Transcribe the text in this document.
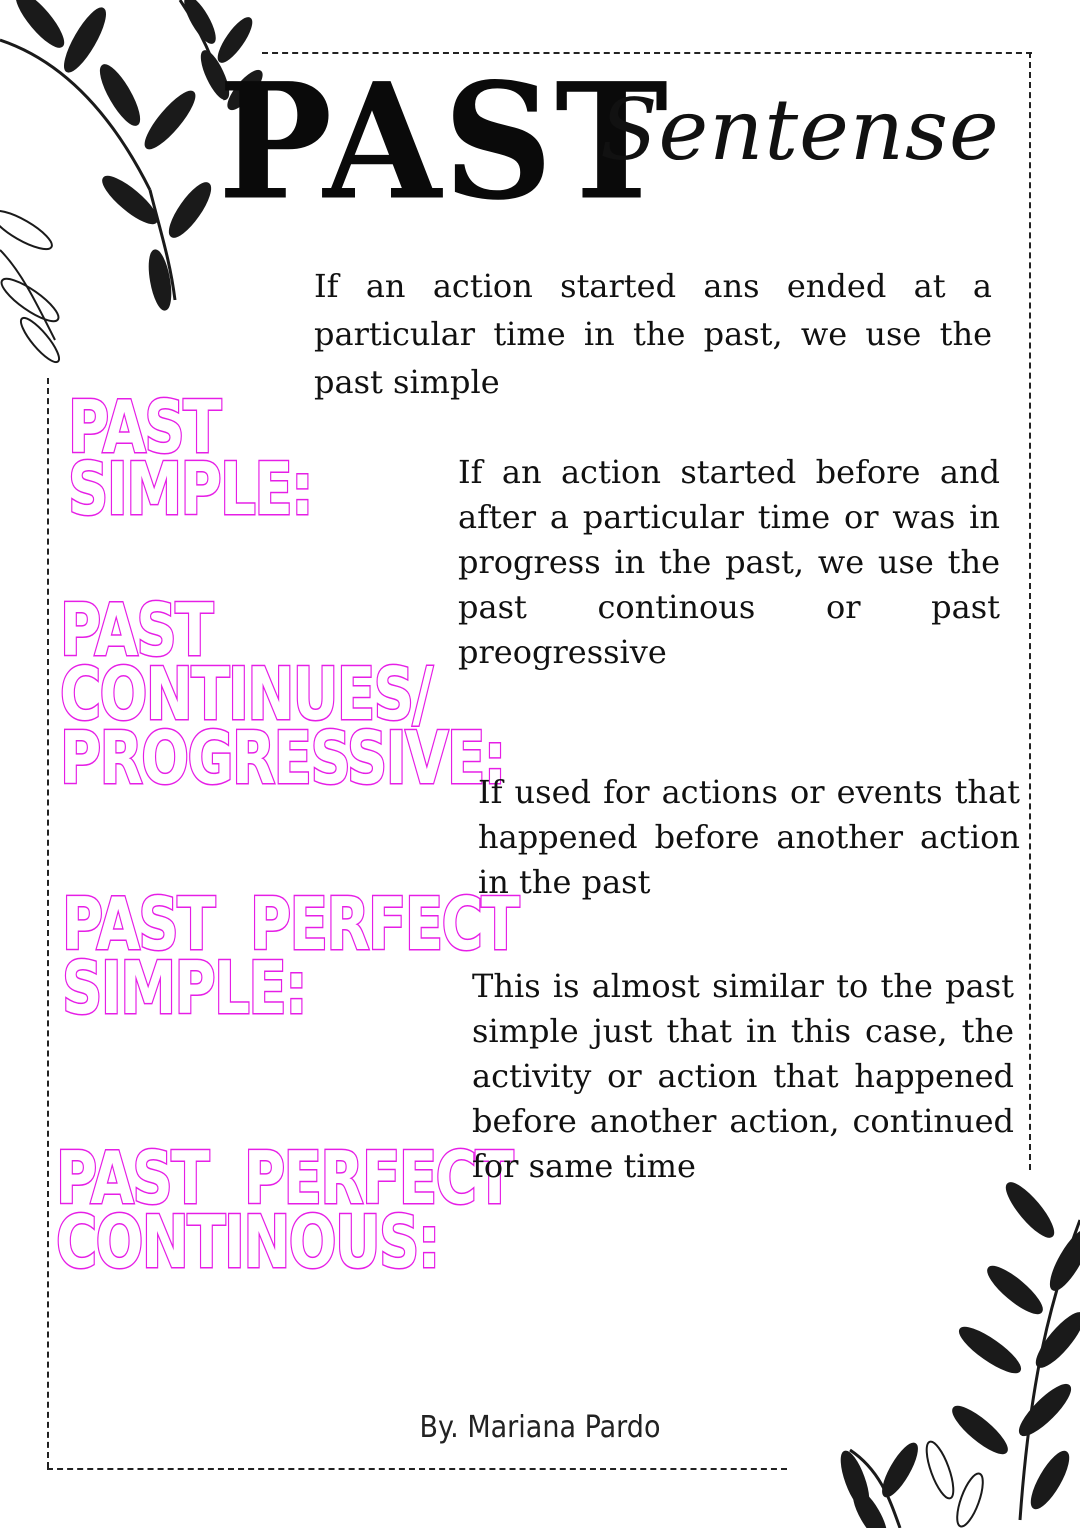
PAST
Sentense

PAST
SIMPLE:

If an action started ans ended at a particular time in the past, we use the past simple

PAST
CONTINUES/
PROGRESSIVE:

If an action started before and after a particular time or was in progress in the past, we use the past continous or past preogressive

PAST  PERFECT
SIMPLE:

If used for actions or events that happened before another action in the past

PAST  PERFECT
CONTINOUS:

This is almost similar to the past simple just that in this case, the activity or action that happened before another action, continued for same time
By. Mariana Pardo
